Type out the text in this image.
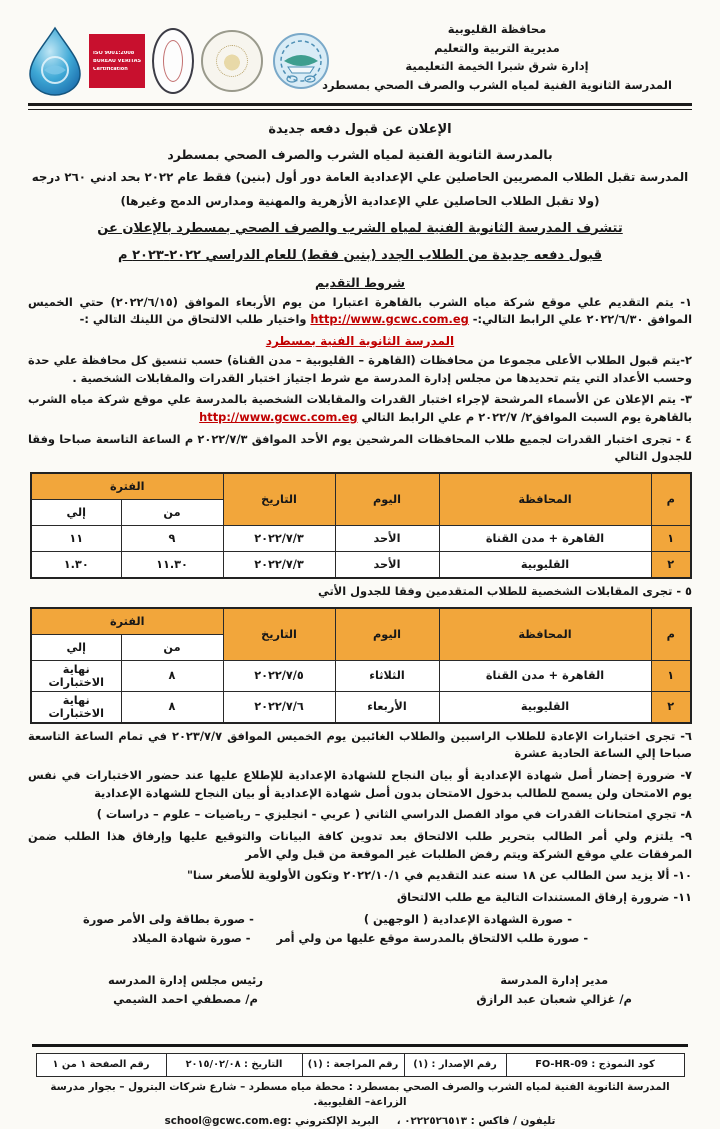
محافظة القليوبية
مديرية التربية والتعليم
إدارة شرق شبرا الخيمة التعليمية
المدرسة الثانوية الفنية لمياه الشرب والصرف الصحي بمسطرد
ISO 9001:2008
BUREAU VERITAS
Certification
الإعلان عن قبول دفعه جديدة
بالمدرسة الثانوية الفنية لمياه الشرب والصرف الصحي بمسطرد
المدرسة تقبل الطلاب المصريين الحاصلين علي الإعدادية العامة دور أول (بنين) فقط عام ٢٠٢٢ بحد ادني ٢٦٠ درجه
(ولا تقبل الطلاب الحاصلين علي الإعدادية الأزهرية والمهنية ومدارس الدمج وغيرها)
تتشرف المدرسة الثانوية الفنية لمياه الشرب والصرف الصحي بمسطرد بالإعلان عن
قبول دفعه جديدة من الطلاب الجدد (بنين فقط) للعام الدراسي ٢٠٢٢-٢٠٢٣ م
شروط التقديم

١- يتم التقديم علي موقع شركة مياه الشرب بالقاهرة اعتبارا من يوم الأربعاء الموافق (٢٠٢٢/٦/١٥) حتي الخميس الموافق ٢٠٢٢/٦/٣٠ علي الرابط التالي:- http://www.gcwc.com.eg واختيار طلب الالتحاق من اللينك التالي :-

المدرسة الثانوية الفنية بمسطرد

٢-يتم قبول الطلاب الأعلى مجموعا من محافظات (القاهرة – القليوبية – مدن القناة) حسب تنسيق كل محافظة علي حدة وحسب الأعداد التي يتم تحديدها من مجلس إدارة المدرسة مع شرط اجتياز اختبار القدرات والمقابلات الشخصية .

٣- يتم الإعلان عن الأسماء المرشحة لإجراء اختبار القدرات والمقابلات الشخصية بالمدرسة علي موقع شركة مياه الشرب بالقاهرة يوم السبت الموافق٢/ ٢٠٢٢/٧ م علي الرابط التالي http://www.gcwc.com.eg

٤ - تجرى اختبار القدرات لجميع طلاب المحافظات المرشحين يوم الأحد الموافق ٢٠٢٢/٧/٣ م الساعة التاسعة صباحا وفقا للجدول التالي

م	المحافظة	اليوم	التاريخ	الفترة	
				من	إلي
١	القاهرة + مدن القناة	الأحد	٢٠٢٢/٧/٣	٩	١١
٢	القليوبية	الأحد	٢٠٢٢/٧/٣	١١.٣٠	١.٣٠

٥ - تجرى المقابلات الشخصية للطلاب المتقدمين وفقا للجدول الأتي

م	المحافظة	اليوم	التاريخ	الفترة	
				من	إلي
١	القاهرة + مدن القناة	الثلاثاء	٢٠٢٢/٧/٥	٨	نهاية الاختبارات
٢	القليوبية	الأربعاء	٢٠٢٢/٧/٦	٨	نهاية الاختبارات

٦- تجرى اختبارات الإعادة للطلاب الراسبين والطلاب الغائبين يوم الخميس الموافق ٢٠٢٣/٧/٧ في تمام الساعة التاسعة صباحا إلي الساعة الحادية عشرة

٧- ضرورة إحضار أصل شهادة الإعدادية أو بيان النجاح للشهادة الإعدادية للإطلاع عليها عند حضور الاختبارات في نفس يوم الامتحان ولن يسمح للطالب بدخول الامتحان بدون أصل شهادة الإعدادية أو بيان النجاح للشهادة الإعدادية

٨- تجري امتحانات القدرات في مواد الفصل الدراسي الثاني ( عربي - انجليزي – رياضيات – علوم – دراسات )

٩- يلتزم ولي أمر الطالب بتحرير طلب الالتحاق بعد تدوين كافة البيانات والتوقيع عليها وإرفاق هذا الطلب ضمن المرفقات علي موقع الشركة ويتم رفض الطلبات غير الموقعة من قبل ولي الأمر

١٠- ألا يزيد سن الطالب عن ١٨ سنه عند التقديم في ٢٠٢٢/١٠/١ وتكون الأولوية للأصغر سنا"

١١- ضرورة إرفاق المستندات التالية مع طلب الالتحاق

- صورة الشهادة الإعدادية ( الوجهين )
- صورة بطاقة ولى الأمر صورة
- صورة طلب الالتحاق بالمدرسة موقع عليها من ولي أمر
- صورة شهادة الميلاد
مدير إدارة المدرسة
م/ غزالي شعبان عبد الرازق
رئيس مجلس إدارة المدرسه
م/ مصطفي احمد الشيمي
كود النموذج : FO-HR-09	رقم الإصدار : (١)	رقم المراجعة : (١)	التاريخ : ٢٠١٥/٠٢/٠٨	رقم الصفحة ١ من ١
المدرسة الثانوية الفنية لمياه الشرب والصرف الصحي بمسطرد : محطة مياه مسطرد – شارع شركات البترول – بجوار مدرسة الزراعة– القليوبية.
تليفون / فاكس : ٠٢٢٢٥٢٦٥١٣ ،     البريد الإلكتروني :school@gcwc.com.eg
